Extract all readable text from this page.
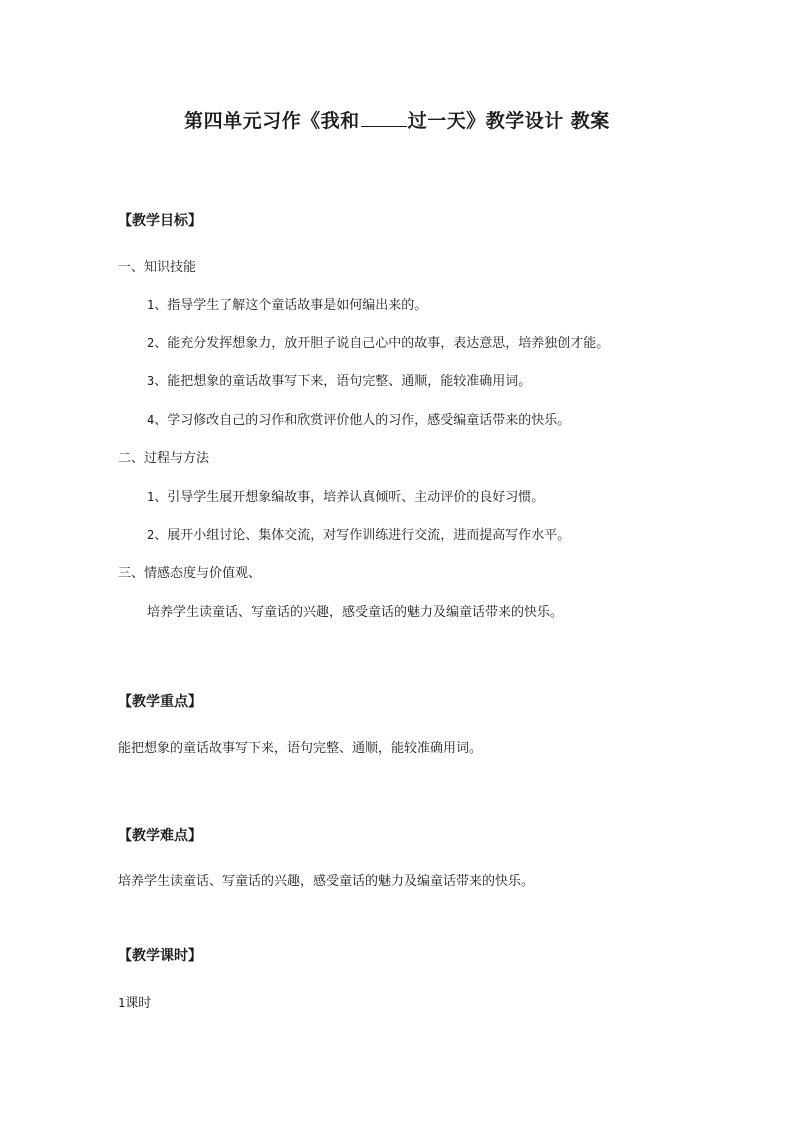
第四单元习作《我和	过一天》教学设计 教案
【教学目标】
一、知识技能
1、指导学生了解这个童话故事是如何编出来的。
2、能充分发挥想象力，放开胆子说自己心中的故事，表达意思，培养独创才能。
3、能把想象的童话故事写下来，语句完整、通顺，能较准确用词。
4、学习修改自己的习作和欣赏评价他人的习作，感受编童话带来的快乐。
二、过程与方法
1、引导学生展开想象编故事，培养认真倾听、主动评价的良好习惯。
2、展开小组讨论、集体交流，对写作训练进行交流，进而提高写作水平。
三、情感态度与价值观、
培养学生读童话、写童话的兴趣，感受童话的魅力及编童话带来的快乐。
【教学重点】
能把想象的童话故事写下来，语句完整、通顺，能较准确用词。
【教学难点】
培养学生读童话、写童话的兴趣，感受童话的魅力及编童话带来的快乐。
【教学课时】
1课时
